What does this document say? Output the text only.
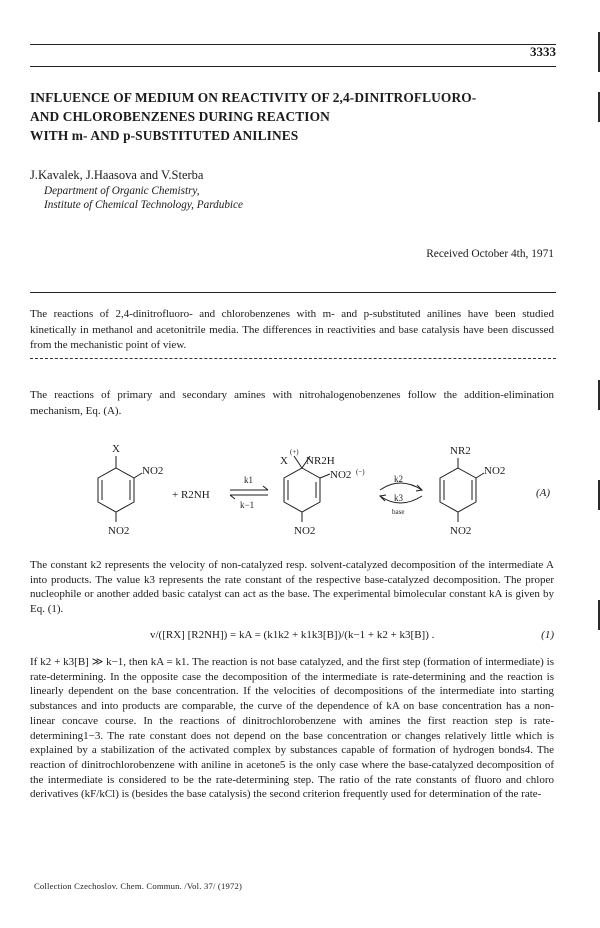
3333
INFLUENCE OF MEDIUM ON REACTIVITY OF 2,4-DINITROFLUORO-
AND CHLOROBENZENES DURING REACTION
WITH m- AND p-SUBSTITUTED ANILINES
J.Kavalek, J.Haasova and V.Sterba
Department of Organic Chemistry,
Institute of Chemical Technology, Pardubice
Received October 4th, 1971
The reactions of 2,4-dinitrofluoro- and chlorobenzenes with m- and p-substituted anilines have been studied kinetically in methanol and acetonitrile media. The differences in reactivities and base catalysis have been discussed from the mechanistic point of view.
The reactions of primary and secondary amines with nitrohalogenobenzenes follow the addition-elimination mechanism, Eq. (A).
X
NO2
NO2
+ R2NH
k1
k−1
(+)
X NR2H
NO2 (−)
NO2
k2
k3
base
NR2
NO2
NO2
(A)
The constant k2 represents the velocity of non-catalyzed resp. solvent-catalyzed decomposition of the intermediate A into products. The value k3 represents the rate constant of the respective base-catalyzed decomposition. The proper nucleophile or another added basic catalyst can act as the base. The experimental bimolecular constant kA is given by Eq. (1).
v/([RX] [R2NH]) = kA = (k1k2 + k1k3[B])/(k−1 + k2 + k3[B]) .	(1)
If k2 + k3[B] ≫ k−1, then kA = k1. The reaction is not base catalyzed, and the first step (formation of intermediate) is rate-determining. In the opposite case the decomposition of the intermediate is rate-determining and the reaction is linearly dependent on the base concentration. If the velocities of decompositions of the intermediate into starting substances and into products are comparable, the curve of the dependence of kA on base concentration has a non-linear concave course. In the reactions of dinitrochlorobenzene with amines the first reaction step is rate-determining1−3. The rate constant does not depend on the base concentration or changes relatively little which is explained by a stabilization of the activated complex by substances capable of formation of hydrogen bonds4. The reaction of dinitrochlorobenzene with aniline in acetone5 is the only case where the base-catalyzed decomposition of the intermediate is considered to be the rate-determining step. The ratio of the rate constants of fluoro and chloro derivatives (kF/kCl) is (besides the base catalysis) the second criterion frequently used for determination of the rate-
Collection Czechoslov. Chem. Commun. /Vol. 37/ (1972)
